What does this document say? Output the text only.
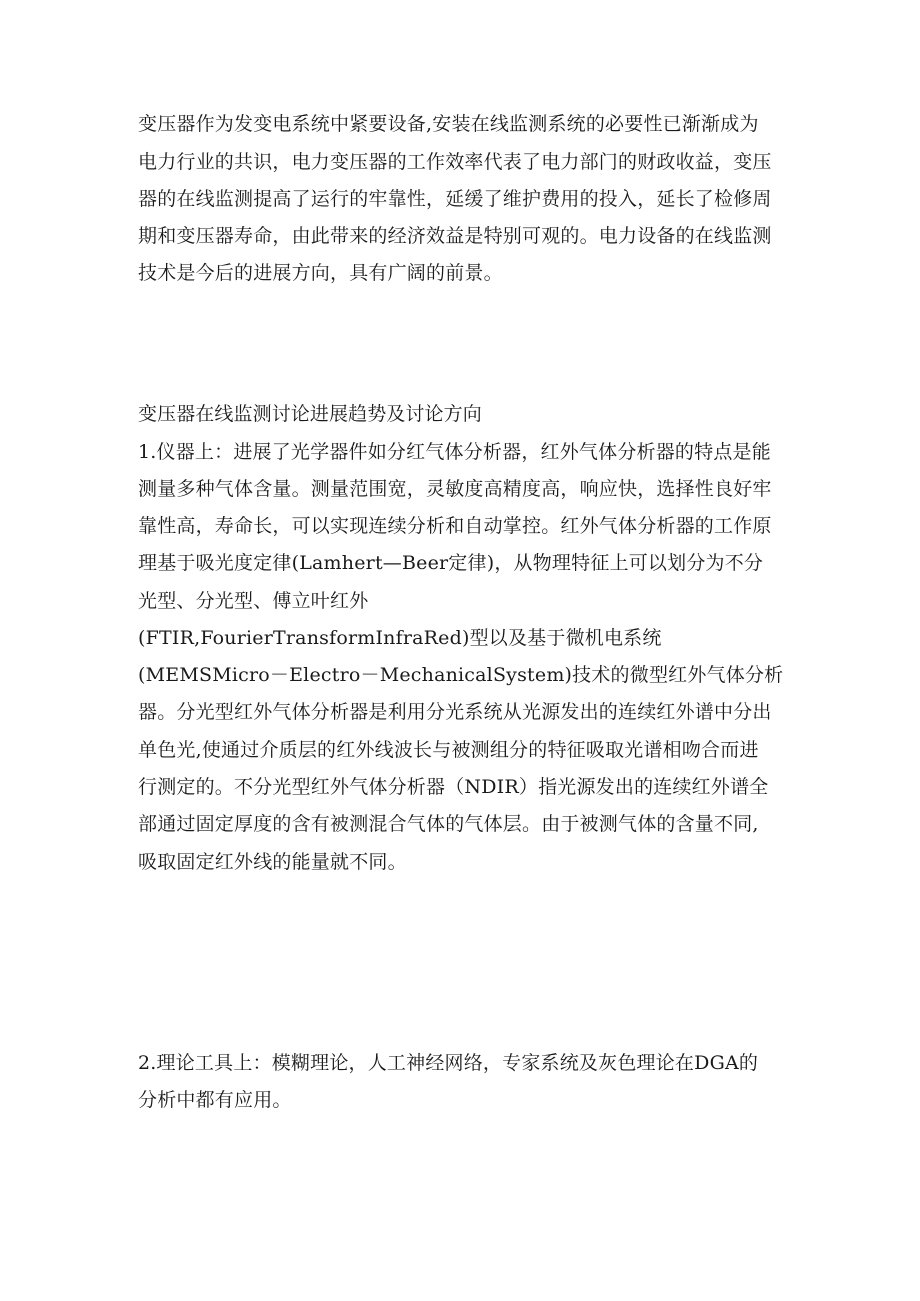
变压器作为发变电系统中紧要设备,安装在线监测系统的必要性已渐渐成为

电力行业的共识，电力变压器的工作效率代表了电力部门的财政收益，变压

器的在线监测提高了运行的牢靠性，延缓了维护费用的投入，延长了检修周

期和变压器寿命，由此带来的经济效益是特别可观的。电力设备的在线监测

技术是今后的进展方向，具有广阔的前景。

变压器在线监测讨论进展趋势及讨论方向

1.仪器上：进展了光学器件如分红气体分析器，红外气体分析器的特点是能

测量多种气体含量。测量范围宽，灵敏度高精度高，响应快，选择性良好牢

靠性高，寿命长，可以实现连续分析和自动掌控。红外气体分析器的工作原

理基于吸光度定律(Lamhert—Beer定律)，从物理特征上可以划分为不分

光型、分光型、傅立叶红外

(FTIR,FourierTransformInfraRed)型以及基于微机电系统

(MEMSMicro－Electro－MechanicalSystem)技术的微型红外气体分析

器。分光型红外气体分析器是利用分光系统从光源发出的连续红外谱中分出

单色光,使通过介质层的红外线波长与被测组分的特征吸取光谱相吻合而进

行测定的。不分光型红外气体分析器（NDIR）指光源发出的连续红外谱全

部通过固定厚度的含有被测混合气体的气体层。由于被测气体的含量不同,

吸取固定红外线的能量就不同。

2.理论工具上：模糊理论，人工神经网络，专家系统及灰色理论在DGA的

分析中都有应用。
